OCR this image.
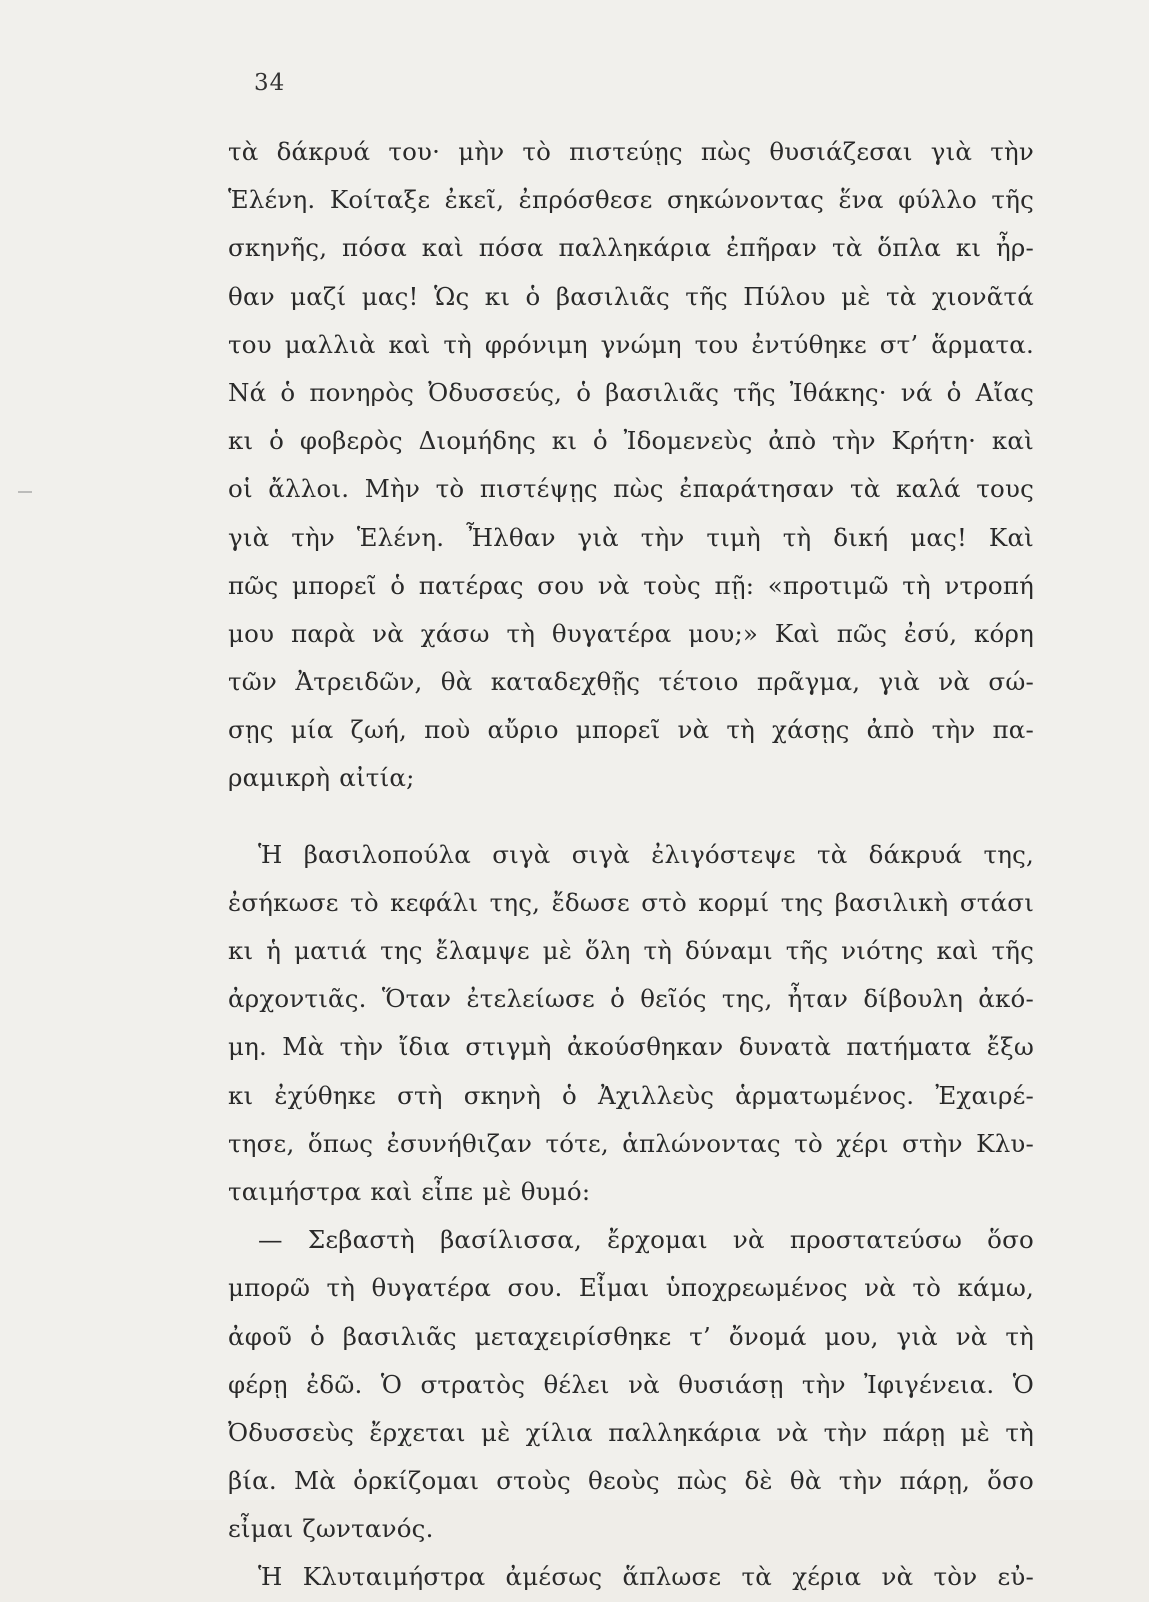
34
τὰ δάκρυά του· μὴν τὸ πιστεύῃς πὼς θυσιάζεσαι γιὰ τὴν
Ἑλένη. Κοίταξε ἐκεῖ, ἐπρόσθεσε σηκώνοντας ἕνα φύλλο τῆς
σκηνῆς, πόσα καὶ πόσα παλληκάρια ἐπῆραν τὰ ὅπλα κι ἦρ-
θαν μαζί μας! Ὡς κι ὁ βασιλιᾶς τῆς Πύλου μὲ τὰ χιονᾶτά
του μαλλιὰ καὶ τὴ φρόνιμη γνώμη του ἐντύθηκε στ’ ἅρματα.
Νά ὁ πονηρὸς Ὀδυσσεύς, ὁ βασιλιᾶς τῆς Ἰθάκης· νά ὁ Αἴας
κι ὁ φοβερὸς Διομήδης κι ὁ Ἰδομενεὺς ἀπὸ τὴν Κρήτη· καὶ
οἱ ἄλλοι. Μὴν τὸ πιστέψῃς πὼς ἐπαράτησαν τὰ καλά τους
γιὰ τὴν Ἑλένη. Ἦλθαν γιὰ τὴν τιμὴ τὴ δική μας! Καὶ
πῶς μπορεῖ ὁ πατέρας σου νὰ τοὺς πῇ: «προτιμῶ τὴ ντροπή
μου παρὰ νὰ χάσω τὴ θυγατέρα μου;» Καὶ πῶς ἐσύ, κόρη
τῶν Ἀτρειδῶν, θὰ καταδεχθῇς τέτοιο πρᾶγμα, γιὰ νὰ σώ-
σῃς μία ζωή, ποὺ αὔριο μπορεῖ νὰ τὴ χάσῃς ἀπὸ τὴν πα-
ραμικρὴ αἰτία;
Ἡ βασιλοπούλα σιγὰ σιγὰ ἐλιγόστεψε τὰ δάκρυά της,
ἐσήκωσε τὸ κεφάλι της, ἔδωσε στὸ κορμί της βασιλικὴ στάσι
κι ἡ ματιά της ἔλαμψε μὲ ὅλη τὴ δύναμι τῆς νιότης καὶ τῆς
ἀρχοντιᾶς. Ὅταν ἐτελείωσε ὁ θεῖός της, ἦταν δίβουλη ἀκό-
μη. Μὰ τὴν ἴδια στιγμὴ ἀκούσθηκαν δυνατὰ πατήματα ἔξω
κι ἐχύθηκε στὴ σκηνὴ ὁ Ἀχιλλεὺς ἁρματωμένος. Ἐχαιρέ-
τησε, ὅπως ἐσυνήθιζαν τότε, ἁπλώνοντας τὸ χέρι στὴν Κλυ-
ταιμήστρα καὶ εἶπε μὲ θυμό:
— Σεβαστὴ βασίλισσα, ἔρχομαι νὰ προστατεύσω ὅσο
μπορῶ τὴ θυγατέρα σου. Εἶμαι ὑποχρεωμένος νὰ τὸ κάμω,
ἀφοῦ ὁ βασιλιᾶς μεταχειρίσθηκε τ’ ὄνομά μου, γιὰ νὰ τὴ
φέρῃ ἐδῶ. Ὁ στρατὸς θέλει νὰ θυσιάσῃ τὴν Ἰφιγένεια. Ὁ
Ὀδυσσεὺς ἔρχεται μὲ χίλια παλληκάρια νὰ τὴν πάρῃ μὲ τὴ
βία. Μὰ ὁρκίζομαι στοὺς θεοὺς πὼς δὲ θὰ τὴν πάρῃ, ὅσο
εἶμαι ζωντανός.
Ἡ Κλυταιμήστρα ἀμέσως ἅπλωσε τὰ χέρια νὰ τὸν εὐ-
